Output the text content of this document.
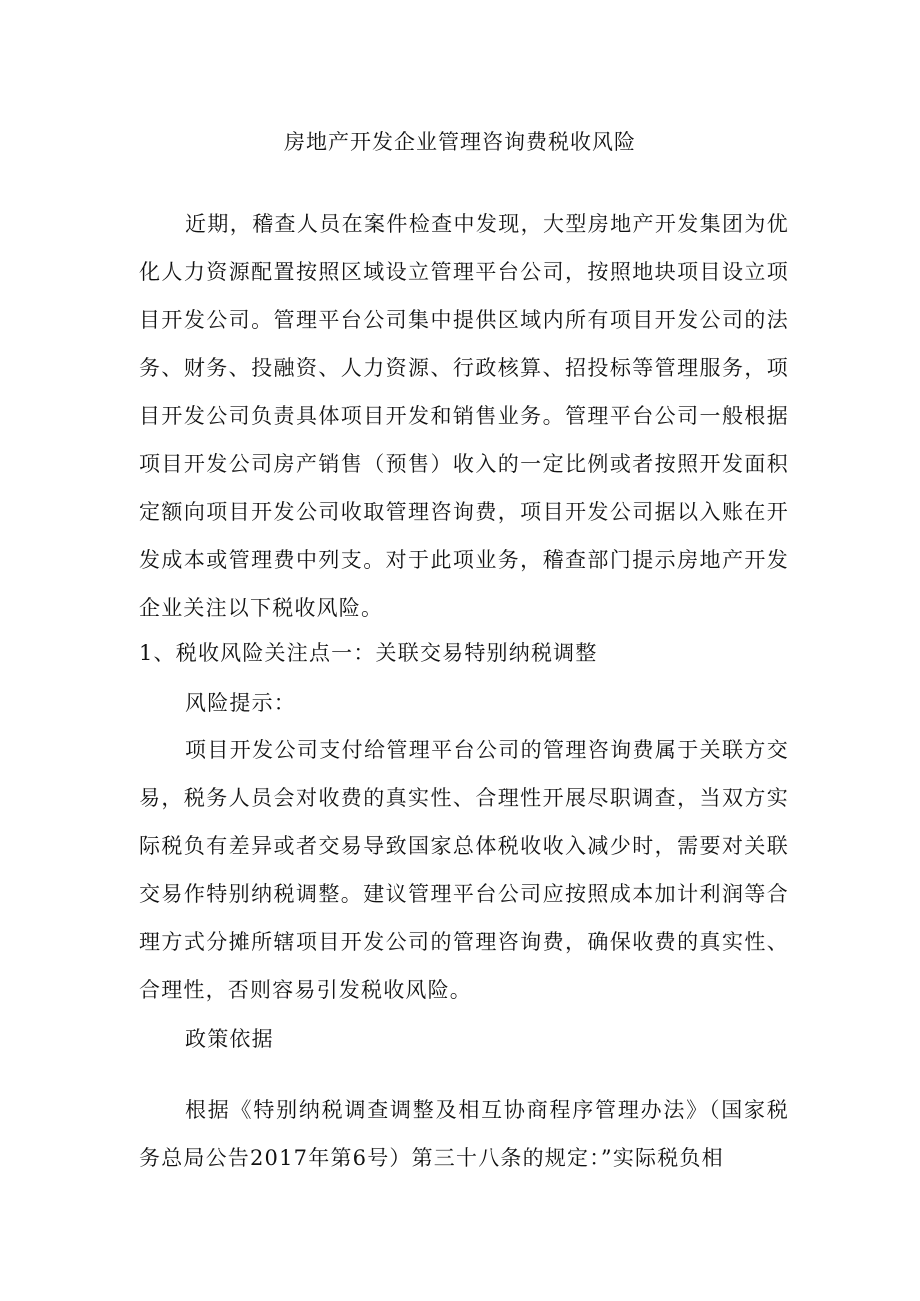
房地产开发企业管理咨询费税收风险

近期，稽查人员在案件检查中发现，大型房地产开发集团为优化人力资源配置按照区域设立管理平台公司，按照地块项目设立项目开发公司。管理平台公司集中提供区域内所有项目开发公司的法务、财务、投融资、人力资源、行政核算、招投标等管理服务，项目开发公司负责具体项目开发和销售业务。管理平台公司一般根据项目开发公司房产销售（预售）收入的一定比例或者按照开发面积定额向项目开发公司收取管理咨询费，项目开发公司据以入账在开发成本或管理费中列支。对于此项业务，稽查部门提示房地产开发企业关注以下税收风险。

1、税收风险关注点一：关联交易特别纳税调整

风险提示：

项目开发公司支付给管理平台公司的管理咨询费属于关联方交易，税务人员会对收费的真实性、合理性开展尽职调查，当双方实际税负有差异或者交易导致国家总体税收收入减少时，需要对关联交易作特别纳税调整。建议管理平台公司应按照成本加计利润等合理方式分摊所辖项目开发公司的管理咨询费，确保收费的真实性、合理性，否则容易引发税收风险。

政策依据

根据《特别纳税调查调整及相互协商程序管理办法》（国家税务总局公告2017年第6号）第三十八条的规定：”实际税负相
